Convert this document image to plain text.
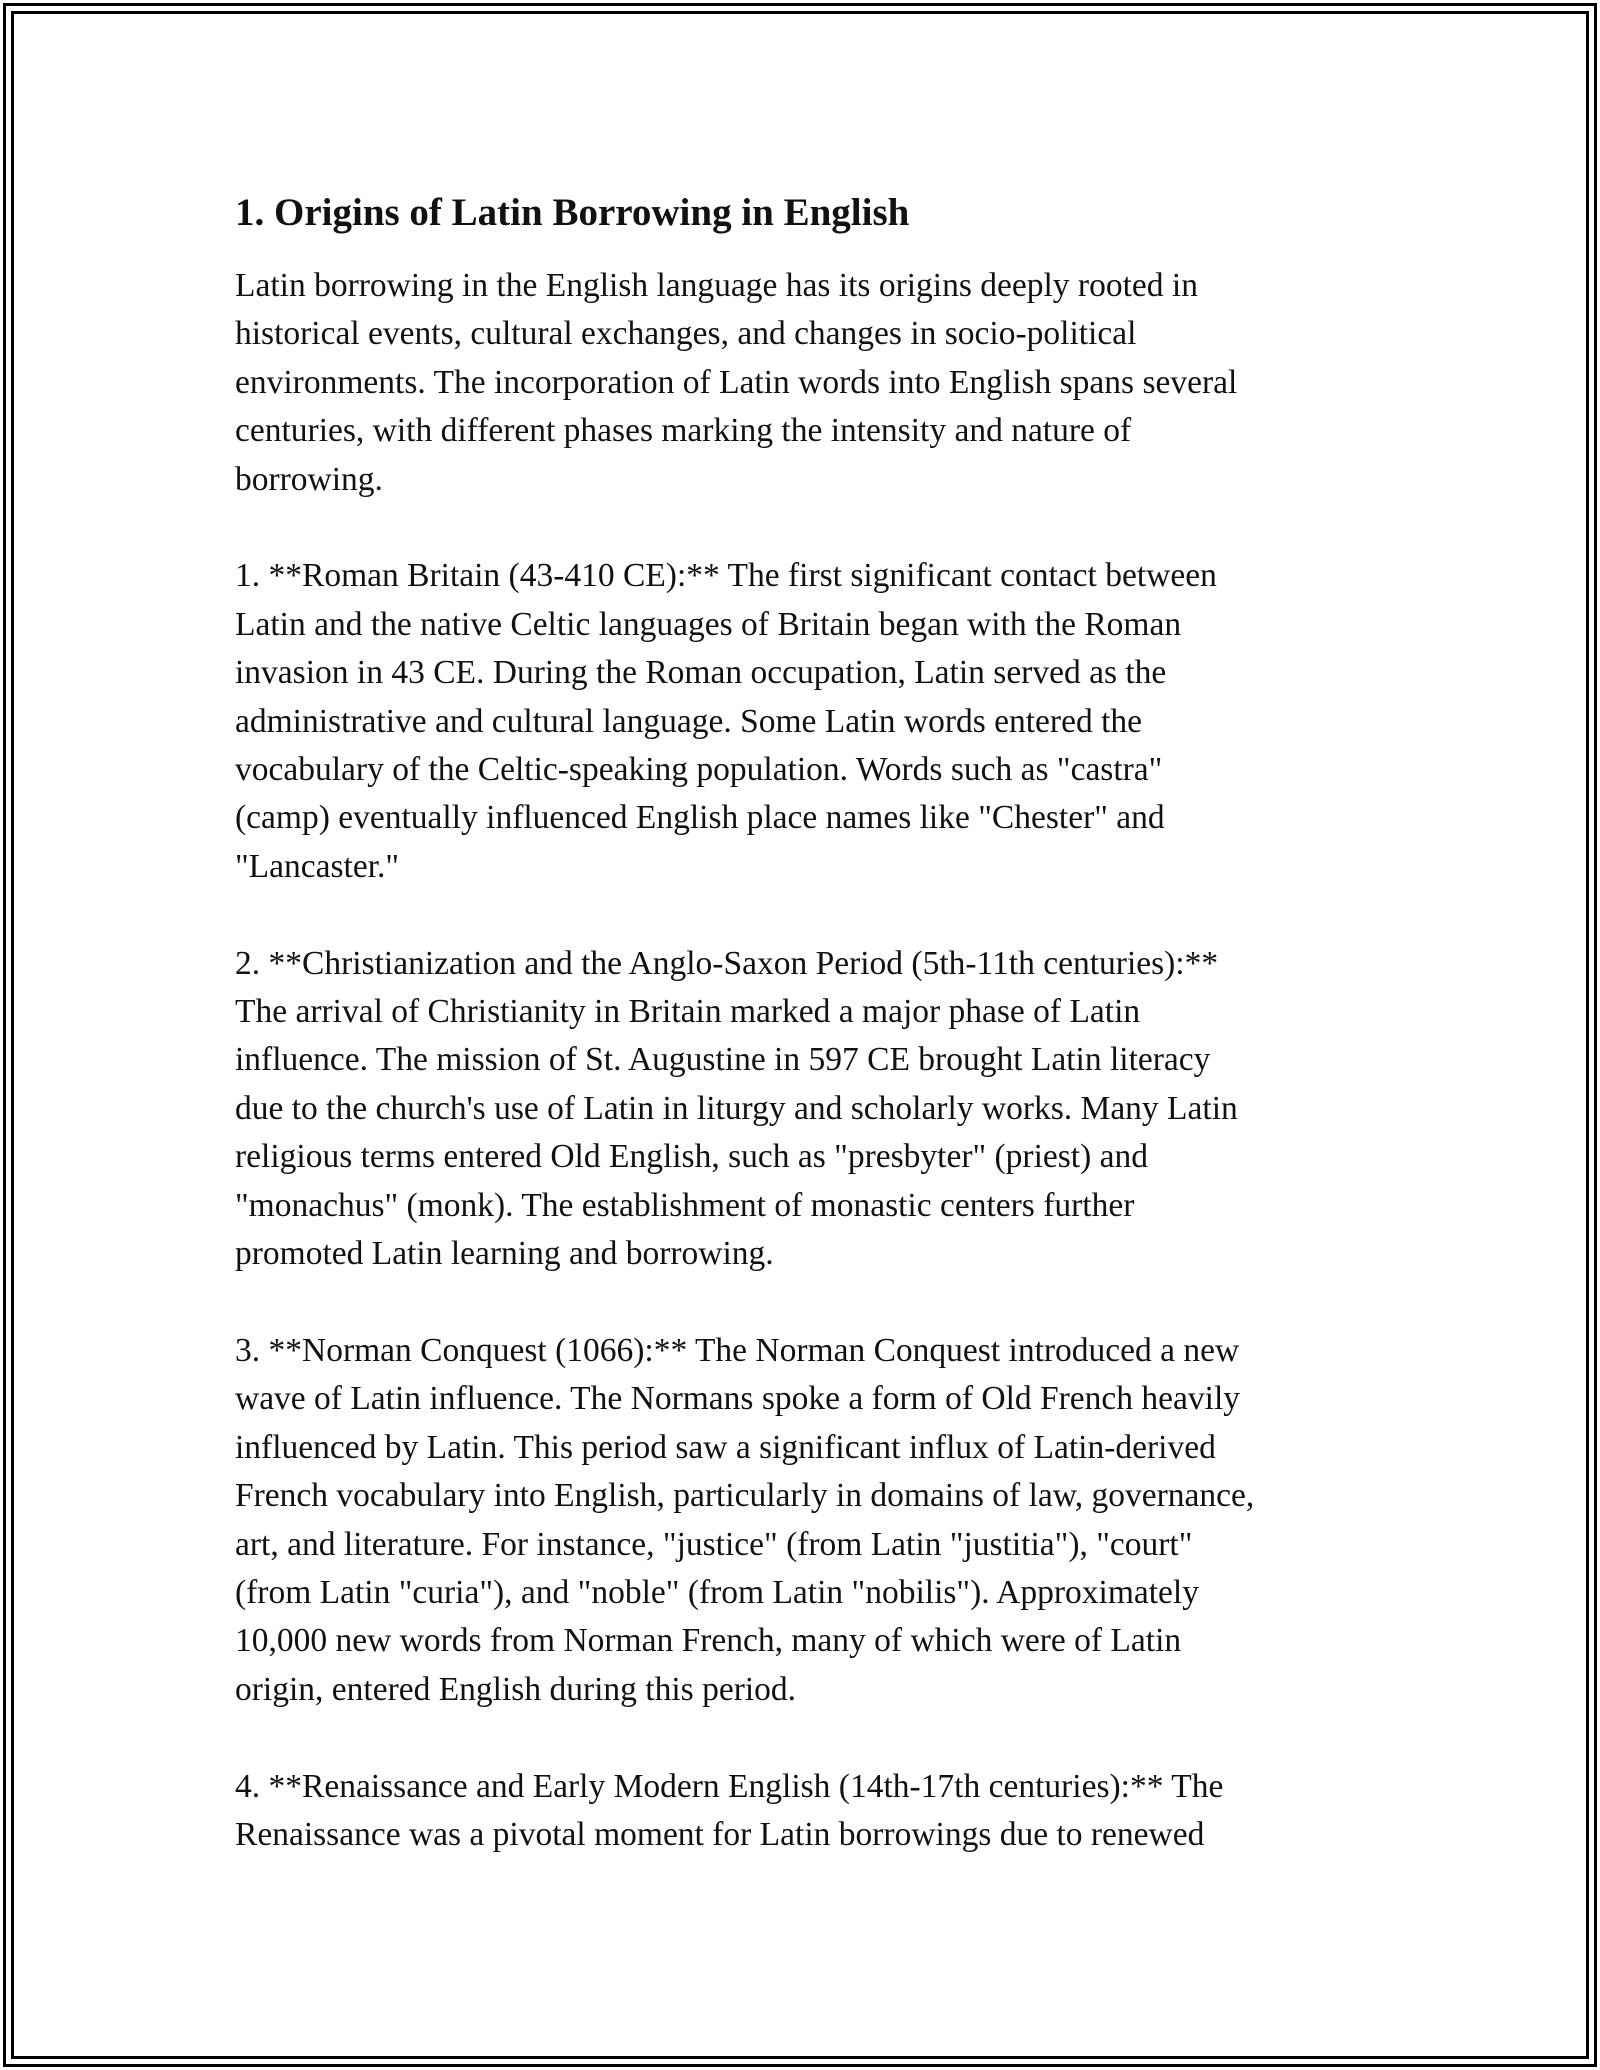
1. Origins of Latin Borrowing in English

Latin borrowing in the English language has its origins deeply rooted in
historical events, cultural exchanges, and changes in socio-political
environments. The incorporation of Latin words into English spans several
centuries, with different phases marking the intensity and nature of
borrowing.

1. **Roman Britain (43-410 CE):** The first significant contact between
Latin and the native Celtic languages of Britain began with the Roman
invasion in 43 CE. During the Roman occupation, Latin served as the
administrative and cultural language. Some Latin words entered the
vocabulary of the Celtic-speaking population. Words such as "castra"
(camp) eventually influenced English place names like "Chester" and
"Lancaster."

2. **Christianization and the Anglo-Saxon Period (5th-11th centuries):**
The arrival of Christianity in Britain marked a major phase of Latin
influence. The mission of St. Augustine in 597 CE brought Latin literacy
due to the church's use of Latin in liturgy and scholarly works. Many Latin
religious terms entered Old English, such as "presbyter" (priest) and
"monachus" (monk). The establishment of monastic centers further
promoted Latin learning and borrowing.

3. **Norman Conquest (1066):** The Norman Conquest introduced a new
wave of Latin influence. The Normans spoke a form of Old French heavily
influenced by Latin. This period saw a significant influx of Latin-derived
French vocabulary into English, particularly in domains of law, governance,
art, and literature. For instance, "justice" (from Latin "justitia"), "court"
(from Latin "curia"), and "noble" (from Latin "nobilis"). Approximately
10,000 new words from Norman French, many of which were of Latin
origin, entered English during this period.

4. **Renaissance and Early Modern English (14th-17th centuries):** The
Renaissance was a pivotal moment for Latin borrowings due to renewed
